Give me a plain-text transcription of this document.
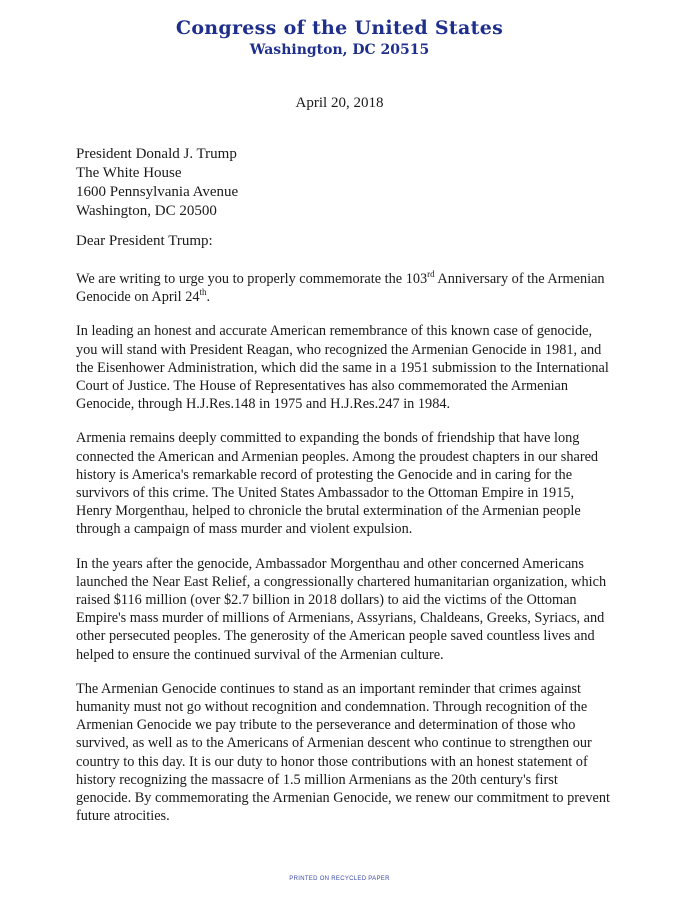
Congress of the United States
Washington, DC 20515
April 20, 2018
President Donald J. Trump
The White House
1600 Pennsylvania Avenue
Washington, DC 20500
Dear President Trump:

We are writing to urge you to properly commemorate the 103rd Anniversary of the Armenian
Genocide on April 24th.

In leading an honest and accurate American remembrance of this known case of genocide,
you will stand with President Reagan, who recognized the Armenian Genocide in 1981, and
the Eisenhower Administration, which did the same in a 1951 submission to the International
Court of Justice. The House of Representatives has also commemorated the Armenian
Genocide, through H.J.Res.148 in 1975 and H.J.Res.247 in 1984.

Armenia remains deeply committed to expanding the bonds of friendship that have long
connected the American and Armenian peoples. Among the proudest chapters in our shared
history is America's remarkable record of protesting the Genocide and in caring for the
survivors of this crime. The United States Ambassador to the Ottoman Empire in 1915,
Henry Morgenthau, helped to chronicle the brutal extermination of the Armenian people
through a campaign of mass murder and violent expulsion.

In the years after the genocide, Ambassador Morgenthau and other concerned Americans
launched the Near East Relief, a congressionally chartered humanitarian organization, which
raised $116 million (over $2.7 billion in 2018 dollars) to aid the victims of the Ottoman
Empire's mass murder of millions of Armenians, Assyrians, Chaldeans, Greeks, Syriacs, and
other persecuted peoples. The generosity of the American people saved countless lives and
helped to ensure the continued survival of the Armenian culture.

The Armenian Genocide continues to stand as an important reminder that crimes against
humanity must not go without recognition and condemnation. Through recognition of the
Armenian Genocide we pay tribute to the perseverance and determination of those who
survived, as well as to the Americans of Armenian descent who continue to strengthen our
country to this day. It is our duty to honor those contributions with an honest statement of
history recognizing the massacre of 1.5 million Armenians as the 20th century's first
genocide. By commemorating the Armenian Genocide, we renew our commitment to prevent
future atrocities.

PRINTED ON RECYCLED PAPER
